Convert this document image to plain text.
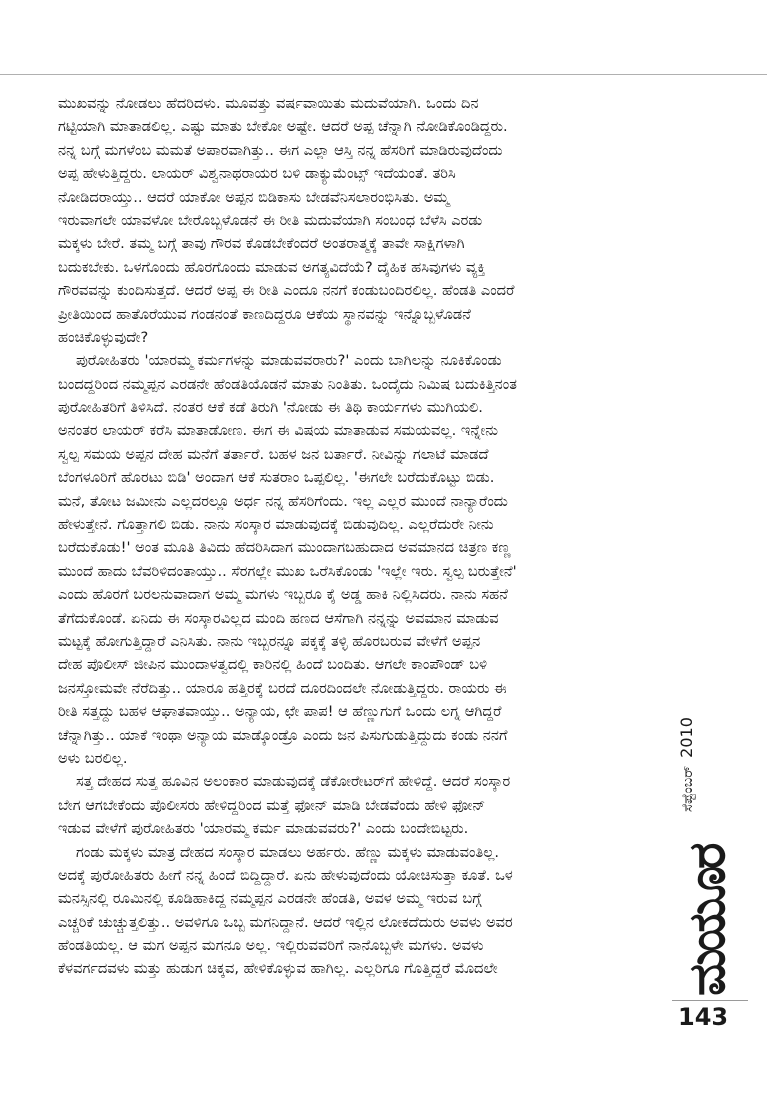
ಮುಖವನ್ನು ನೋಡಲು ಹೆದರಿದಳು. ಮೂವತ್ತು ವರ್ಷವಾಯಿತು ಮದುವೆಯಾಗಿ. ಒಂದು ದಿನ
ಗಟ್ಟಿಯಾಗಿ ಮಾತಾಡಲಿಲ್ಲ. ಎಷ್ಟು ಮಾತು ಬೇಕೋ ಅಷ್ಟೇ. ಆದರೆ ಅಪ್ಪ ಚೆನ್ನಾಗಿ ನೋಡಿಕೊಂಡಿದ್ದರು.
ನನ್ನ ಬಗ್ಗೆ ಮಗಳೆಂಬ ಮಮತೆ ಅಪಾರವಾಗಿತ್ತು.. ಈಗ ಎಲ್ಲಾ ಆಸ್ತಿ ನನ್ನ ಹೆಸರಿಗೆ ಮಾಡಿರುವುದೆಂದು
ಅಪ್ಪ ಹೇಳುತ್ತಿದ್ದರು. ಲಾಯರ್ ವಿಶ್ವನಾಥರಾಯರ ಬಳಿ ಡಾಕ್ಯುಮೆಂಟ್ಸ್ ಇದೆಯಂತೆ. ತರಿಸಿ
ನೋಡಿದರಾಯ್ತು.. ಆದರೆ ಯಾಕೋ ಅಪ್ಪನ ಬಿಡಿಕಾಸು ಬೇಡವೆನಿಸಲಾರಂಭಿಸಿತು. ಅಮ್ಮ
ಇರುವಾಗಲೇ ಯಾವಳೋ ಬೇರೊಬ್ಬಳೊಡನೆ ಈ ರೀತಿ ಮದುವೆಯಾಗಿ ಸಂಬಂಧ ಬೆಳೆಸಿ ಎರಡು
ಮಕ್ಕಳು ಬೇರೆ. ತಮ್ಮ ಬಗ್ಗೆ ತಾವು ಗೌರವ ಕೊಡಬೇಕೆಂದರೆ ಅಂತರಾತ್ಮಕ್ಕೆ ತಾವೇ ಸಾಕ್ಷಿಗಳಾಗಿ
ಬದುಕಬೇಕು. ಒಳಗೊಂದು ಹೊರಗೊಂದು ಮಾಡುವ ಅಗತ್ಯವಿದೆಯೆ? ದೈಹಿಕ ಹಸಿವುಗಳು ವ್ಯಕ್ತಿ
ಗೌರವವನ್ನು ಕುಂದಿಸುತ್ತದೆ. ಆದರೆ ಅಪ್ಪ ಈ ರೀತಿ ಎಂದೂ ನನಗೆ ಕಂಡುಬಂದಿರಲಿಲ್ಲ. ಹೆಂಡತಿ ಎಂದರೆ
ಪ್ರೀತಿಯಿಂದ ಹಾತೊರೆಯುವ ಗಂಡನಂತೆ ಕಾಣದಿದ್ದರೂ ಆಕೆಯ ಸ್ಥಾನವನ್ನು ಇನ್ನೊಬ್ಬಳೊಡನೆ
ಹಂಚಿಕೊಳ್ಳುವುದೇ?
ಪುರೋಹಿತರು 'ಯಾರಮ್ಮ ಕರ್ಮಗಳನ್ನು ಮಾಡುವವರಾರು?' ಎಂದು ಬಾಗಿಲನ್ನು ನೂಕಿಕೊಂಡು
ಬಂದದ್ದರಿಂದ ನಮ್ಮಪ್ಪನ ಎರಡನೇ ಹೆಂಡತಿಯೊಡನೆ ಮಾತು ನಿಂತಿತು. ಒಂದೈದು ನಿಮಿಷ ಬದುಕಿತ್ತಿನಂತ
ಪುರೋಹಿತರಿಗೆ ತಿಳಿಸಿದೆ. ನಂತರ ಆಕೆ ಕಡೆ ತಿರುಗಿ 'ನೋಡು ಈ ತಿಥಿ ಕಾರ್ಯಗಳು ಮುಗಿಯಲಿ.
ಅನಂತರ ಲಾಯರ್ ಕರೆಸಿ ಮಾತಾಡೋಣ. ಈಗ ಈ ವಿಷಯ ಮಾತಾಡುವ ಸಮಯವಲ್ಲ. ಇನ್ನೇನು
ಸ್ವಲ್ಪ ಸಮಯ ಅಪ್ಪನ ದೇಹ ಮನೆಗೆ ತರ್ತಾರೆ. ಬಹಳ ಜನ ಬರ್ತಾರೆ. ನೀವಿನ್ನು ಗಲಾಟೆ ಮಾಡದೆ
ಬೆಂಗಳೂರಿಗೆ ಹೊರಟು ಬಿಡಿ' ಅಂದಾಗ ಆಕೆ ಸುತರಾಂ ಒಪ್ಪಲಿಲ್ಲ. 'ಈಗಲೇ ಬರೆದುಕೊಟ್ಟು ಬಿಡು.
ಮನೆ, ತೋಟ ಜಮೀನು ಎಲ್ಲದರಲ್ಲೂ ಅರ್ಧ ನನ್ನ ಹೆಸರಿಗೆಂದು. ಇಲ್ಲ ಎಲ್ಲರ ಮುಂದೆ ನಾನ್ಯಾರೆಂದು
ಹೇಳುತ್ತೇನೆ. ಗೊತ್ತಾಗಲಿ ಬಿಡು. ನಾನು ಸಂಸ್ಕಾರ ಮಾಡುವುದಕ್ಕೆ ಬಿಡುವುದಿಲ್ಲ. ಎಲ್ಲರೆದುರೇ ನೀನು
ಬರೆದುಕೊಡು!' ಅಂತ ಮೂತಿ ತಿವಿದು ಹೆದರಿಸಿದಾಗ ಮುಂದಾಗಬಹುದಾದ ಅವಮಾನದ ಚಿತ್ರಣ ಕಣ್ಣ
ಮುಂದೆ ಹಾದು ಬೆವರಿಳಿದಂತಾಯ್ತು.. ಸೆರಗಲ್ಲೇ ಮುಖ ಒರೆಸಿಕೊಂಡು 'ಇಲ್ಲೇ ಇರು. ಸ್ವಲ್ಪ ಬರುತ್ತೇನೆ'
ಎಂದು ಹೊರಗೆ ಬರಲನುವಾದಾಗ ಅಮ್ಮ ಮಗಳು ಇಬ್ಬರೂ ಕೈ ಅಡ್ಡ ಹಾಕಿ ನಿಲ್ಲಿಸಿದರು. ನಾನು ಸಹನೆ
ತೆಗೆದುಕೊಂಡೆ. ಏನಿದು ಈ ಸಂಸ್ಕಾರವಿಲ್ಲದ ಮಂದಿ ಹಣದ ಆಸೆಗಾಗಿ ನನ್ನನ್ನು ಅವಮಾನ ಮಾಡುವ
ಮಟ್ಟಕ್ಕೆ ಹೋಗುತ್ತಿದ್ದಾರೆ ಎನಿಸಿತು. ನಾನು ಇಬ್ಬರನ್ನೂ ಪಕ್ಕಕ್ಕೆ ತಳ್ಳಿ ಹೊರಬರುವ ವೇಳೆಗೆ ಅಪ್ಪನ
ದೇಹ ಪೊಲೀಸ್ ಜೀಪಿನ ಮುಂದಾಳತ್ವದಲ್ಲಿ ಕಾರಿನಲ್ಲಿ ಹಿಂದೆ ಬಂದಿತು. ಆಗಲೇ ಕಾಂಪೌಂಡ್ ಬಳಿ
ಜನಸ್ತೋಮವೇ ನೆರೆದಿತ್ತು.. ಯಾರೂ ಹತ್ತಿರಕ್ಕೆ ಬರದೆ ದೂರದಿಂದಲೇ ನೋಡುತ್ತಿದ್ದರು. ರಾಯರು ಈ
ರೀತಿ ಸತ್ತದ್ದು ಬಹಳ ಆಘಾತವಾಯ್ತು.. ಅನ್ಯಾಯ, ಛೇ ಪಾಪ! ಆ ಹೆಣ್ಣುಗುಗೆ ಒಂದು ಲಗ್ನ ಆಗಿದ್ದರೆ
ಚೆನ್ನಾಗಿತ್ತು.. ಯಾಕೆ ಇಂಥಾ ಅನ್ಯಾಯ ಮಾಡ್ಕೊಂಡ್ರೊ ಎಂದು ಜನ ಪಿಸುಗುಡುತ್ತಿದ್ದುದು ಕಂಡು ನನಗೆ
ಅಳು ಬರಲಿಲ್ಲ.
ಸತ್ತ ದೇಹದ ಸುತ್ತ ಹೂವಿನ ಅಲಂಕಾರ ಮಾಡುವುದಕ್ಕೆ ಡೆಕೋರೇಟರ್‌ಗೆ ಹೇಳಿದ್ದೆ. ಆದರೆ ಸಂಸ್ಕಾರ
ಬೇಗ ಆಗಬೇಕೆಂದು ಪೊಲೀಸರು ಹೇಳಿದ್ದರಿಂದ ಮತ್ತೆ ಫೋನ್ ಮಾಡಿ ಬೇಡವೆಂದು ಹೇಳಿ ಫೋನ್
ಇಡುವ ವೇಳೆಗೆ ಪುರೋಹಿತರು 'ಯಾರಮ್ಮ ಕರ್ಮ ಮಾಡುವವರು?' ಎಂದು ಬಂದೇಬಿಟ್ಟರು.
ಗಂಡು ಮಕ್ಕಳು ಮಾತ್ರ ದೇಹದ ಸಂಸ್ಕಾರ ಮಾಡಲು ಅರ್ಹರು. ಹೆಣ್ಣು ಮಕ್ಕಳು ಮಾಡುವಂತಿಲ್ಲ.
ಅದಕ್ಕೆ ಪುರೋಹಿತರು ಹೀಗೆ ನನ್ನ ಹಿಂದೆ ಬಿದ್ದಿದ್ದಾರೆ. ಏನು ಹೇಳುವುದೆಂದು ಯೋಚಿಸುತ್ತಾ ಕೂತೆ. ಒಳ
ಮನಸ್ಸಿನಲ್ಲಿ ರೂಮಿನಲ್ಲಿ ಕೂಡಿಹಾಕಿದ್ದ ನಮ್ಮಪ್ಪನ ಎರಡನೇ ಹೆಂಡತಿ, ಅವಳ ಅಮ್ಮ ಇರುವ ಬಗ್ಗೆ
ಎಚ್ಚರಿಕೆ ಚುಚ್ಚುತ್ತಲಿತ್ತು.. ಅವಳಿಗೂ ಒಬ್ಬ ಮಗನಿದ್ದಾನೆ. ಆದರೆ ಇಲ್ಲಿನ ಲೋಕದೆದುರು ಅವಳು ಅವರ
ಹೆಂಡತಿಯಲ್ಲ. ಆ ಮಗ ಅಪ್ಪನ ಮಗನೂ ಅಲ್ಲ. ಇಲ್ಲಿರುವವರಿಗೆ ನಾನೊಬ್ಬಳೇ ಮಗಳು. ಅವಳು
ಕೆಳವರ್ಗದವಳು ಮತ್ತು ಹುಡುಗ ಚಿಕ್ಕವ, ಹೇಳಿಕೊಳ್ಳುವ ಹಾಗಿಲ್ಲ. ಎಲ್ಲರಿಗೂ ಗೊತ್ತಿದ್ದರೆ ಮೊದಲೇ
ಸೆಪ್ಟೆಂಬರ್2010
ಮಯೂರ
143
